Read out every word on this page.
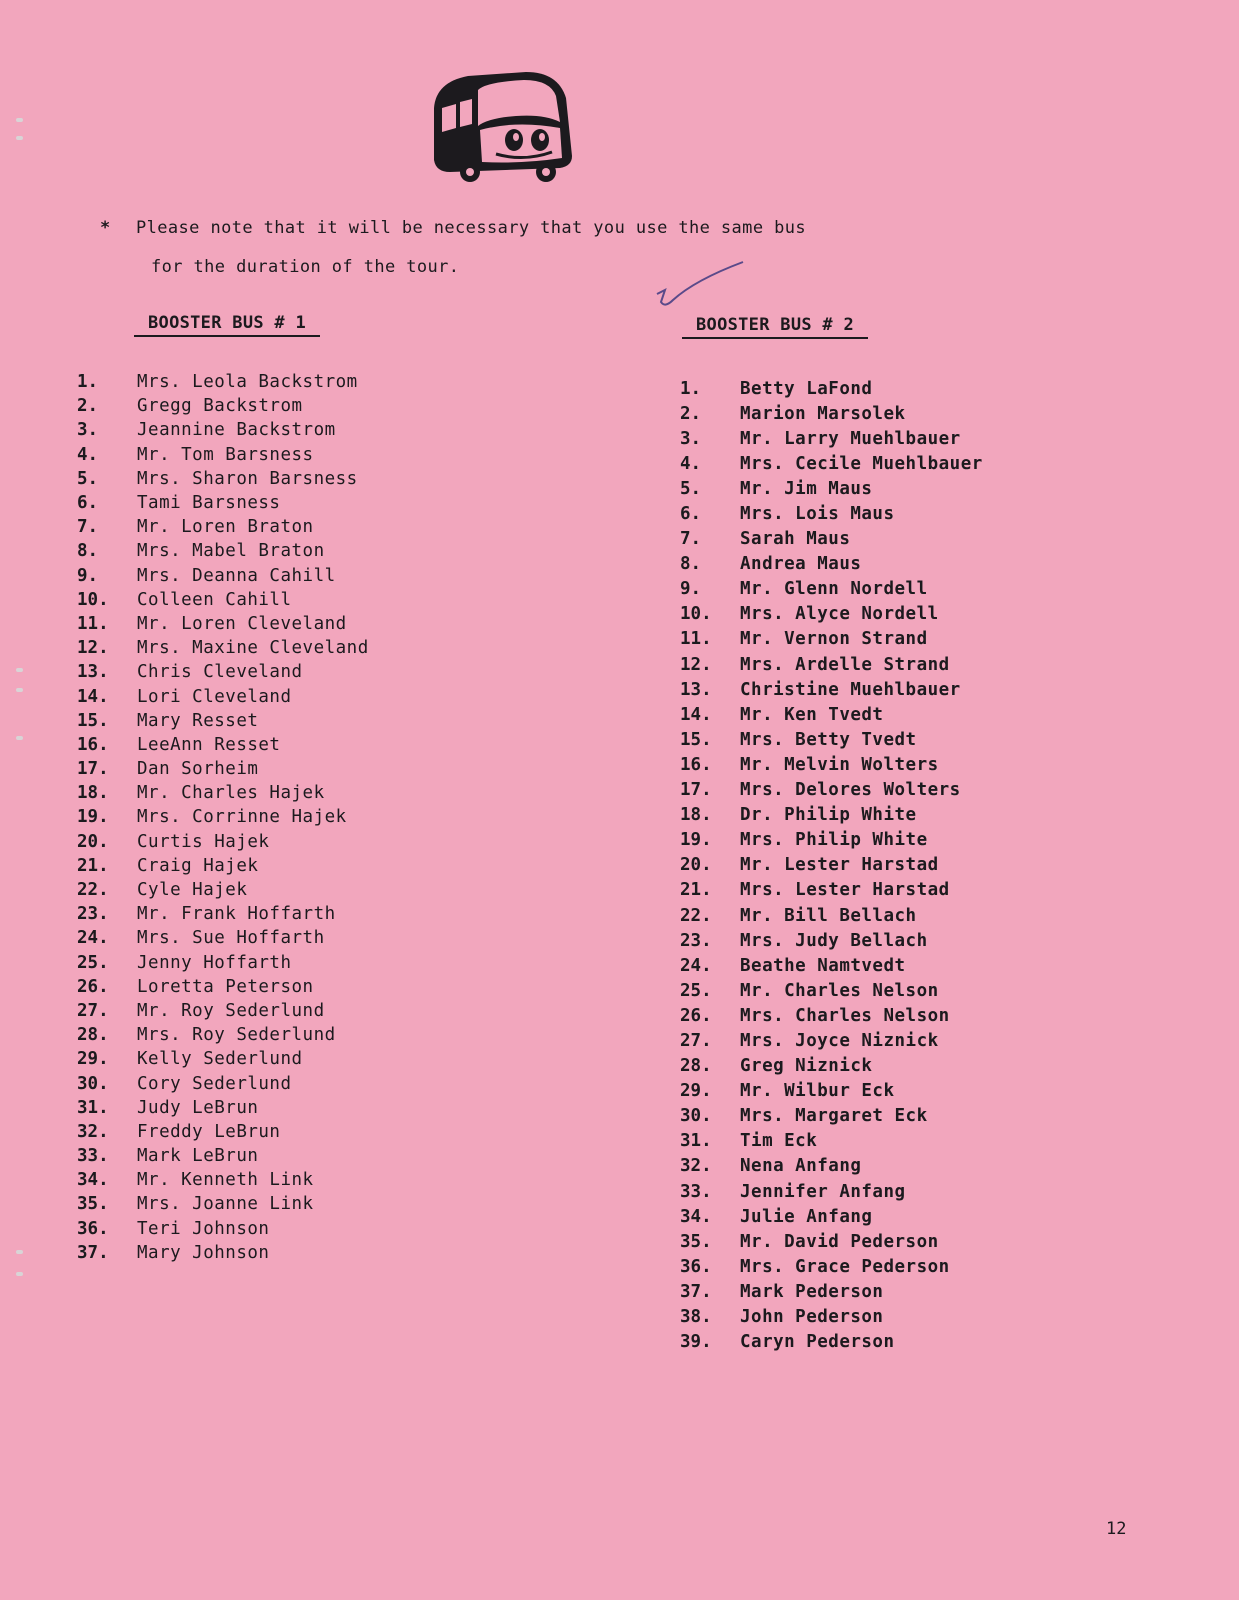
* Please note that it will be necessary that you use the same bus
for the duration of the tour.
BOOSTER BUS # 1
1.	Mrs. Leola Backstrom
2.	Gregg Backstrom
3.	Jeannine Backstrom
4.	Mr. Tom Barsness
5.	Mrs. Sharon Barsness
6.	Tami Barsness
7.	Mr. Loren Braton
8.	Mrs. Mabel Braton
9.	Mrs. Deanna Cahill
10.	Colleen Cahill
11.	Mr. Loren Cleveland
12.	Mrs. Maxine Cleveland
13.	Chris Cleveland
14.	Lori Cleveland
15.	Mary Resset
16.	LeeAnn Resset
17.	Dan Sorheim
18.	Mr. Charles Hajek
19.	Mrs. Corrinne Hajek
20.	Curtis Hajek
21.	Craig Hajek
22.	Cyle Hajek
23.	Mr. Frank Hoffarth
24.	Mrs. Sue Hoffarth
25.	Jenny Hoffarth
26.	Loretta Peterson
27.	Mr. Roy Sederlund
28.	Mrs. Roy Sederlund
29.	Kelly Sederlund
30.	Cory Sederlund
31.	Judy LeBrun
32.	Freddy LeBrun
33.	Mark LeBrun
34.	Mr. Kenneth Link
35.	Mrs. Joanne Link
36.	Teri Johnson
37.	Mary Johnson
BOOSTER BUS # 2
1.	Betty LaFond
2.	Marion Marsolek
3.	Mr. Larry Muehlbauer
4.	Mrs. Cecile Muehlbauer
5.	Mr. Jim Maus
6.	Mrs. Lois Maus
7.	Sarah Maus
8.	Andrea Maus
9.	Mr. Glenn Nordell
10.	Mrs. Alyce Nordell
11.	Mr. Vernon Strand
12.	Mrs. Ardelle Strand
13.	Christine Muehlbauer
14.	Mr. Ken Tvedt
15.	Mrs. Betty Tvedt
16.	Mr. Melvin Wolters
17.	Mrs. Delores Wolters
18.	Dr. Philip White
19.	Mrs. Philip White
20.	Mr. Lester Harstad
21.	Mrs. Lester Harstad
22.	Mr. Bill Bellach
23.	Mrs. Judy Bellach
24.	Beathe Namtvedt
25.	Mr. Charles Nelson
26.	Mrs. Charles Nelson
27.	Mrs. Joyce Niznick
28.	Greg Niznick
29.	Mr. Wilbur Eck
30.	Mrs. Margaret Eck
31.	Tim Eck
32.	Nena Anfang
33.	Jennifer Anfang
34.	Julie Anfang
35.	Mr. David Pederson
36.	Mrs. Grace Pederson
37.	Mark Pederson
38.	John Pederson
39.	Caryn Pederson
12
